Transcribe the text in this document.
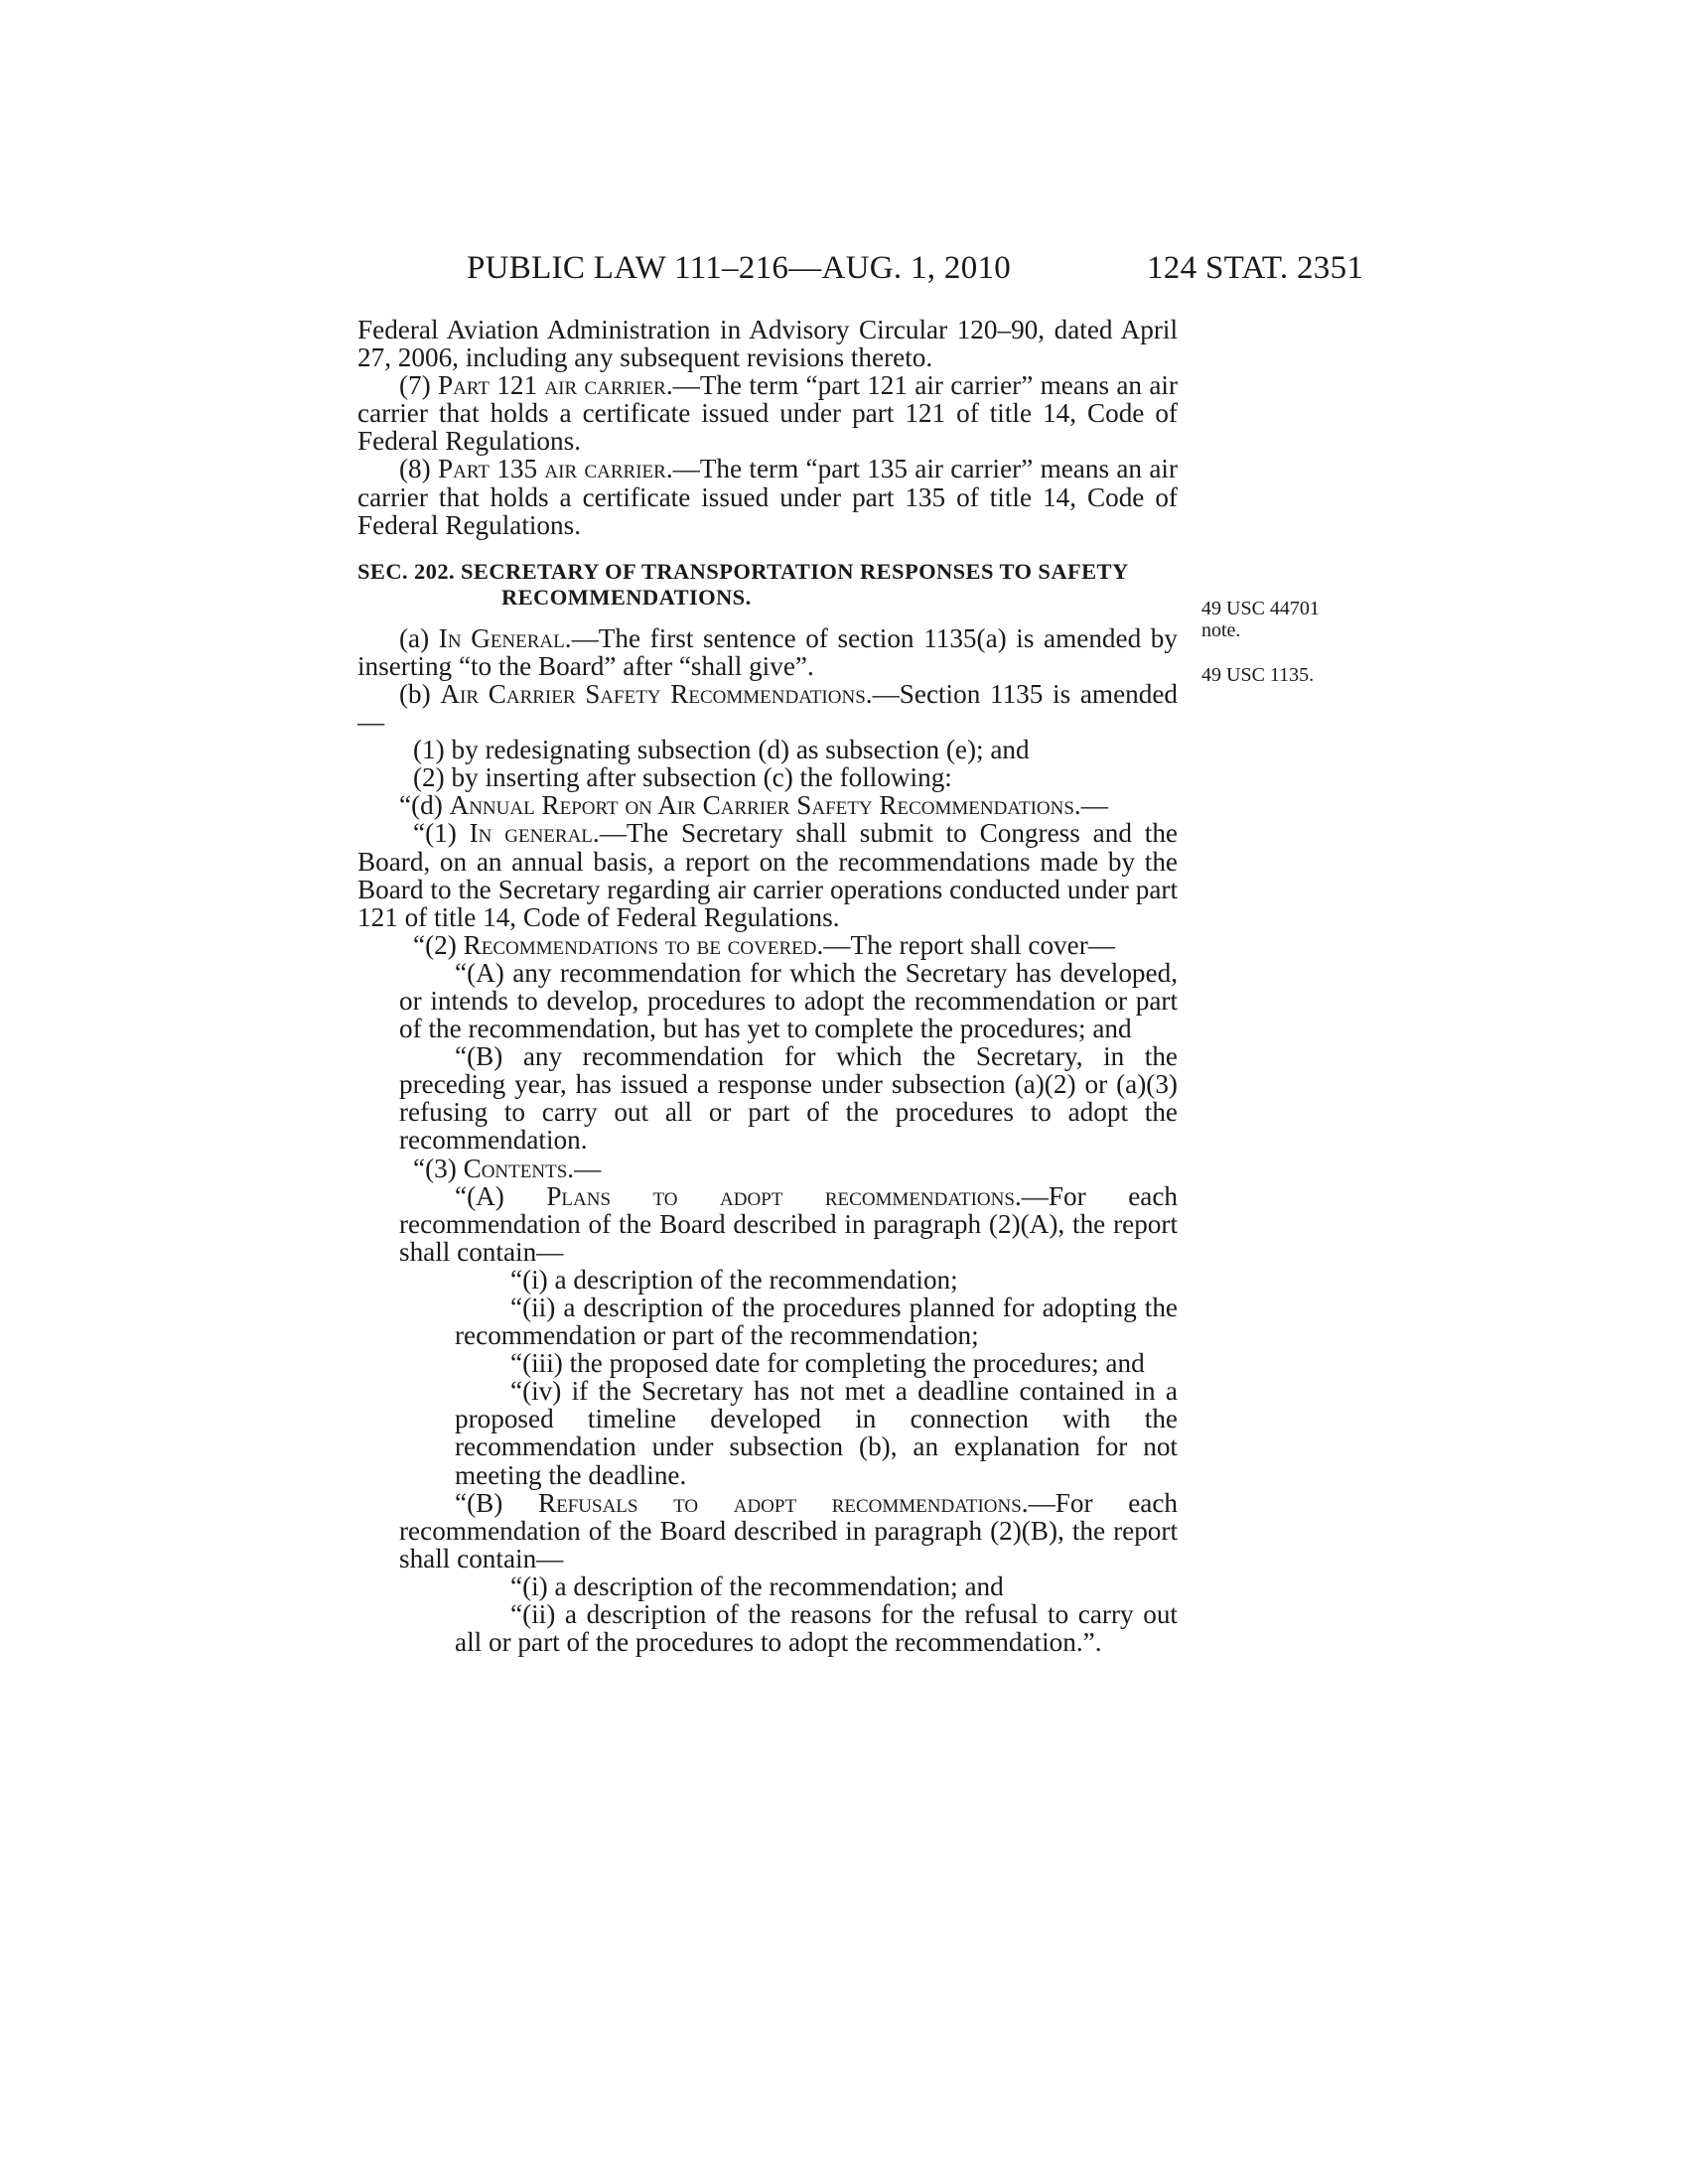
PUBLIC LAW 111–216—AUG. 1, 2010	124 STAT. 2351
49 USC 44701
note.
49 USC 1135.

Federal Aviation Administration in Advisory Circular 120–90, dated April 27, 2006, including any subsequent revisions thereto.

(7) Part 121 air carrier.—The term “part 121 air carrier” means an air carrier that holds a certificate issued under part 121 of title 14, Code of Federal Regulations.

(8) Part 135 air carrier.—The term “part 135 air carrier” means an air carrier that holds a certificate issued under part 135 of title 14, Code of Federal Regulations.

SEC. 202. SECRETARY OF TRANSPORTATION RESPONSES TO SAFETY
RECOMMENDATIONS.

(a) In General.—The first sentence of section 1135(a) is amended by inserting “to the Board” after “shall give”.

(b) Air Carrier Safety Recommendations.—Section 1135 is amended—

(1) by redesignating subsection (d) as subsection (e); and

(2) by inserting after subsection (c) the following:

“(d) Annual Report on Air Carrier Safety Recommendations.—

“(1) In general.—The Secretary shall submit to Congress and the Board, on an annual basis, a report on the recommendations made by the Board to the Secretary regarding air carrier operations conducted under part 121 of title 14, Code of Federal Regulations.

“(2) Recommendations to be covered.—The report shall cover—

“(A) any recommendation for which the Secretary has developed, or intends to develop, procedures to adopt the recommendation or part of the recommendation, but has yet to complete the procedures; and

“(B) any recommendation for which the Secretary, in the preceding year, has issued a response under subsection (a)(2) or (a)(3) refusing to carry out all or part of the procedures to adopt the recommendation.

“(3) Contents.—

“(A) Plans to adopt recommendations.—For each recommendation of the Board described in paragraph (2)(A), the report shall contain—

“(i) a description of the recommendation;

“(ii) a description of the procedures planned for adopting the recommendation or part of the recommendation;

“(iii) the proposed date for completing the procedures; and

“(iv) if the Secretary has not met a deadline contained in a proposed timeline developed in connection with the recommendation under subsection (b), an explanation for not meeting the deadline.

“(B) Refusals to adopt recommendations.—For each recommendation of the Board described in paragraph (2)(B), the report shall contain—

“(i) a description of the recommendation; and

“(ii) a description of the reasons for the refusal to carry out all or part of the procedures to adopt the recommendation.”.
